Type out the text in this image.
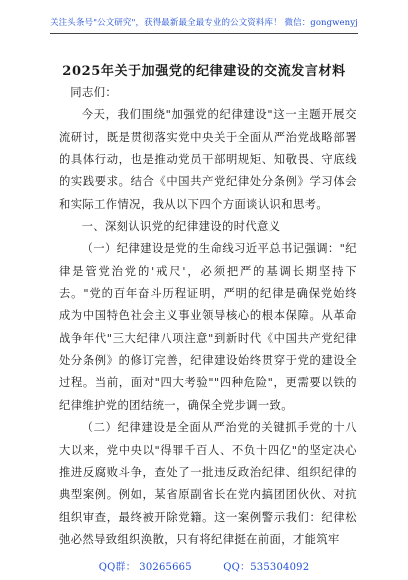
关注头条号"公文研究"，获得最新最全最专业的公文资料库！ 微信：gongwenyj
2025年关于加强党的纪律建设的交流发言材料

同志们：

今天，我们围绕"加强党的纪律建设"这一主题开展交流研讨，既是贯彻落实党中央关于全面从严治党战略部署的具体行动，也是推动党员干部明规矩、知敬畏、守底线的实践要求。结合《中国共产党纪律处分条例》学习体会和实际工作情况，我从以下四个方面谈认识和思考。

一、深刻认识党的纪律建设的时代意义

（一）纪律建设是党的生命线习近平总书记强调："纪律是管党治党的'戒尺'，必须把严的基调长期坚持下去。"党的百年奋斗历程证明，严明的纪律是确保党始终成为中国特色社会主义事业领导核心的根本保障。从革命战争年代"三大纪律八项注意"到新时代《中国共产党纪律处分条例》的修订完善，纪律建设始终贯穿于党的建设全过程。当前，面对"四大考验""四种危险"，更需要以铁的纪律维护党的团结统一，确保全党步调一致。

（二）纪律建设是全面从严治党的关键抓手党的十八大以来，党中央以"得罪千百人、不负十四亿"的坚定决心推进反腐败斗争，查处了一批违反政治纪律、组织纪律的典型案例。例如，某省原副省长在党内搞团团伙伙、对抗组织审查，最终被开除党籍。这一案例警示我们：纪律松弛必然导致组织涣散，只有将纪律挺在前面，才能筑牢

QQ群： 30265665	QQ：535304092
